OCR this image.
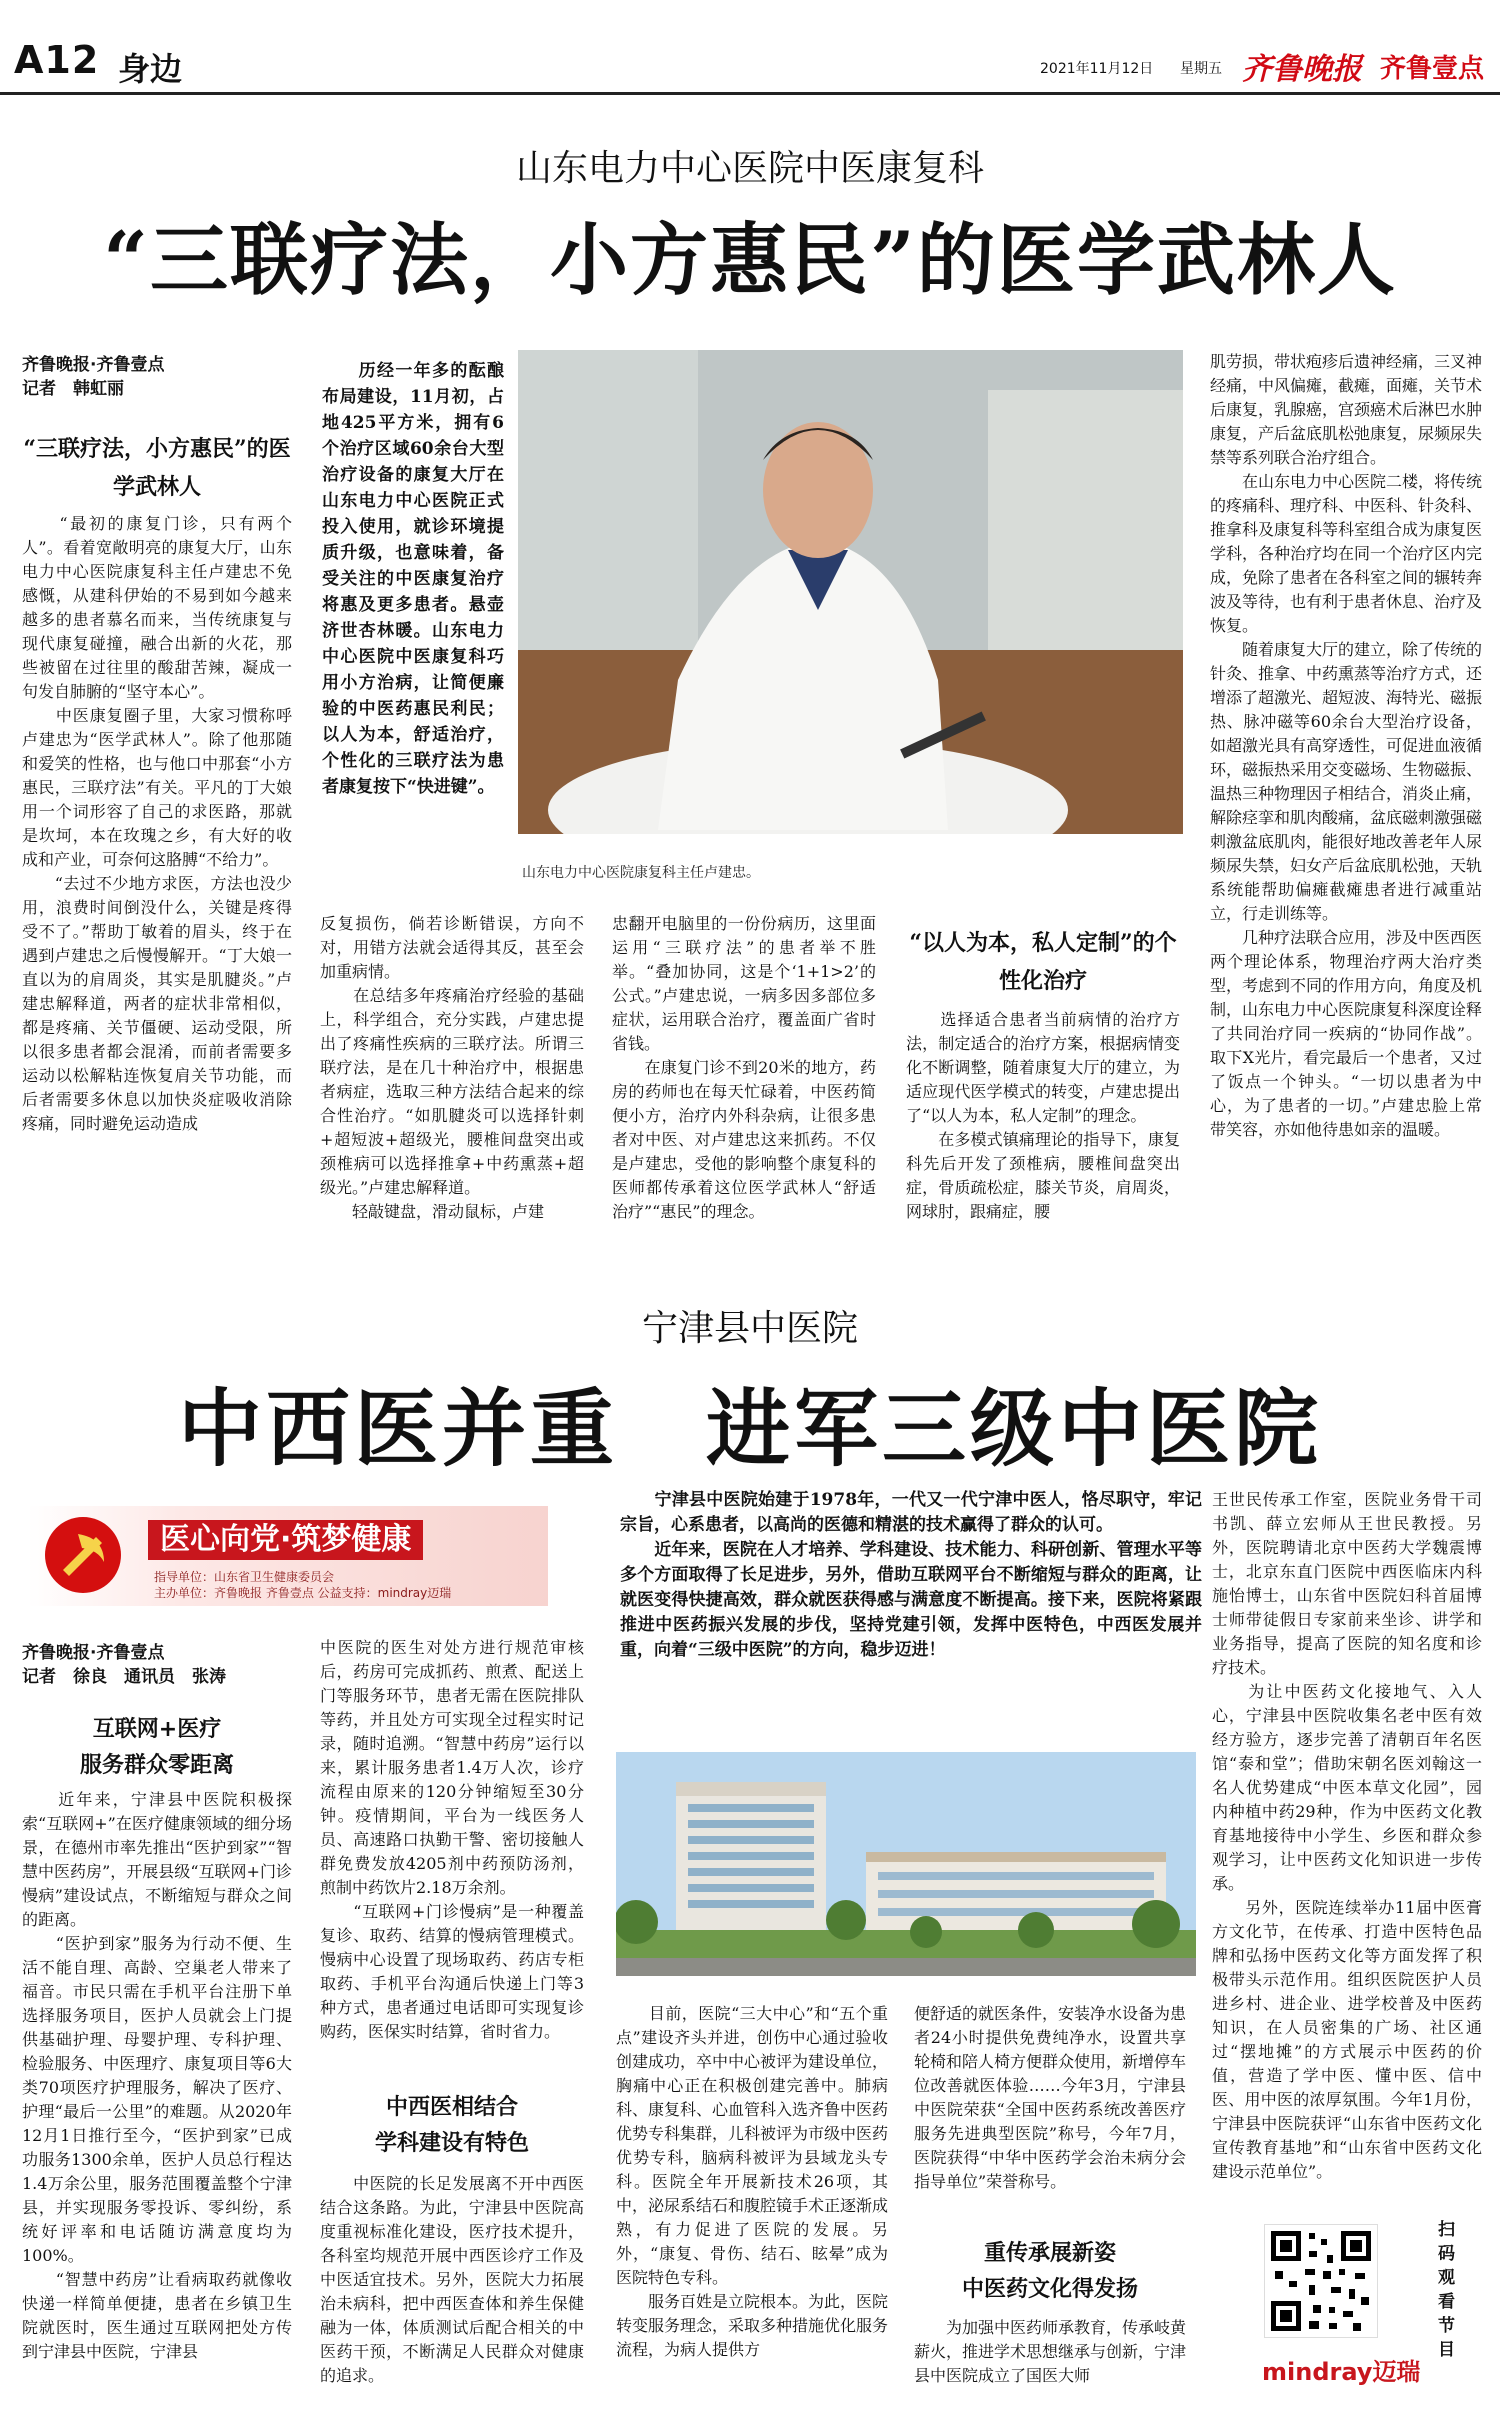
A12 身边	2021年11月12日 星期五 齐鲁晚报 齐鲁壹点
山东电力中心医院中医康复科
“三联疗法，小方惠民”的医学武林人
齐鲁晚报·齐鲁壹点
记者　韩虹丽
“三联疗法，小方惠民”的医学武林人
　　“最初的康复门诊，只有两个人”。看着宽敞明亮的康复大厅，山东电力中心医院康复科主任卢建忠不免感慨，从建科伊始的不易到如今越来越多的患者慕名而来，当传统康复与现代康复碰撞，融合出新的火花，那些被留在过往里的酸甜苦辣，凝成一句发自肺腑的“坚守本心”。
　　中医康复圈子里，大家习惯称呼卢建忠为“医学武林人”。除了他那随和爱笑的性格，也与他口中那套“小方惠民，三联疗法”有关。平凡的丁大娘用一个词形容了自己的求医路，那就是坎坷，本在玫瑰之乡，有大好的收成和产业，可奈何这胳膊“不给力”。
　　“去过不少地方求医，方法也没少用，浪费时间倒没什么，关键是疼得受不了。”帮助丁敏着的眉头，终于在遇到卢建忠之后慢慢解开。“丁大娘一直以为的肩周炎，其实是肌腱炎。”卢建忠解释道，两者的症状非常相似，都是疼痛、关节僵硬、运动受限，所以很多患者都会混淆，而前者需要多运动以松解粘连恢复肩关节功能，而后者需要多休息以加快炎症吸收消除疼痛，同时避免运动造成
　　历经一年多的酝酿布局建设，11月初，占地425平方米，拥有6个治疗区域60余台大型治疗设备的康复大厅在山东电力中心医院正式投入使用，就诊环境提质升级，也意味着，备受关注的中医康复治疗将惠及更多患者。悬壶济世杏林暖。山东电力中心医院中医康复科巧用小方治病，让简便廉验的中医药惠民利民；以人为本，舒适治疗，个性化的三联疗法为患者康复按下“快进键”。
山东电力中心医院康复科主任卢建忠。
反复损伤，倘若诊断错误，方向不对，用错方法就会适得其反，甚至会加重病情。
　　在总结多年疼痛治疗经验的基础上，科学组合，充分实践，卢建忠提出了疼痛性疾病的三联疗法。所谓三联疗法，是在几十种治疗中，根据患者病症，选取三种方法结合起来的综合性治疗。“如肌腱炎可以选择针刺+超短波+超级光，腰椎间盘突出或颈椎病可以选择推拿+中药熏蒸+超级光。”卢建忠解释道。
　　轻敲键盘，滑动鼠标，卢建
忠翻开电脑里的一份份病历，这里面运用“三联疗法”的患者举不胜举。“叠加协同，这是个‘1+1>2’的公式。”卢建忠说，一病多因多部位多症状，运用联合治疗，覆盖面广省时省钱。
　　在康复门诊不到20米的地方，药房的药师也在每天忙碌着，中医药简便小方，治疗内外科杂病，让很多患者对中医、对卢建忠这来抓药。不仅是卢建忠，受他的影响整个康复科的医师都传承着这位医学武林人“舒适治疗”“惠民”的理念。
“以人为本，私人定制”的个性化治疗
　　选择适合患者当前病情的治疗方法，制定适合的治疗方案，根据病情变化不断调整，随着康复大厅的建立，为适应现代医学模式的转变，卢建忠提出了“以人为本，私人定制”的理念。
　　在多模式镇痛理论的指导下，康复科先后开发了颈椎病，腰椎间盘突出症，骨质疏松症，膝关节炎，肩周炎，网球肘，跟痛症，腰
肌劳损，带状疱疹后遗神经痛，三叉神经痛，中风偏瘫，截瘫，面瘫，关节术后康复，乳腺癌，宫颈癌术后淋巴水肿康复，产后盆底肌松弛康复，尿频尿失禁等系列联合治疗组合。
　　在山东电力中心医院二楼，将传统的疼痛科、理疗科、中医科、针灸科、推拿科及康复科等科室组合成为康复医学科，各种治疗均在同一个治疗区内完成，免除了患者在各科室之间的辗转奔波及等待，也有利于患者休息、治疗及恢复。
　　随着康复大厅的建立，除了传统的针灸、推拿、中药熏蒸等治疗方式，还增添了超激光、超短波、海特光、磁振热、脉冲磁等60余台大型治疗设备，如超激光具有高穿透性，可促进血液循环，磁振热采用交变磁场、生物磁振、温热三种物理因子相结合，消炎止痛，解除痉挛和肌肉酸痛，盆底磁刺激强磁刺激盆底肌肉，能很好地改善老年人尿频尿失禁，妇女产后盆底肌松弛，天轨系统能帮助偏瘫截瘫患者进行减重站立，行走训练等。
　　几种疗法联合应用，涉及中医西医两个理论体系，物理治疗两大治疗类型，考虑到不同的作用方向，角度及机制，山东电力中心医院康复科深度诠释了共同治疗同一疾病的“协同作战”。取下X光片，看完最后一个患者，又过了饭点一个钟头。“一切以患者为中心，为了患者的一切。”卢建忠脸上常带笑容，亦如他待患如亲的温暖。
宁津县中医院
中西医并重　进军三级中医院
医心向党·筑梦健康
指导单位：山东省卫生健康委员会
主办单位：齐鲁晚报 齐鲁壹点 公益支持：mindray迈瑞
　　宁津县中医院始建于1978年，一代又一代宁津中医人，恪尽职守，牢记宗旨，心系患者，以高尚的医德和精湛的技术赢得了群众的认可。
　　近年来，医院在人才培养、学科建设、技术能力、科研创新、管理水平等多个方面取得了长足进步，另外，借助互联网平台不断缩短与群众的距离，让就医变得快捷高效，群众就医获得感与满意度不断提高。接下来，医院将紧跟推进中医药振兴发展的步伐，坚持党建引领，发挥中医特色，中西医发展并重，向着“三级中医院”的方向，稳步迈进！
齐鲁晚报·齐鲁壹点
记者　徐良　通讯员　张涛
互联网+医疗
服务群众零距离
　　近年来，宁津县中医院积极探索“互联网+”在医疗健康领域的细分场景，在德州市率先推出“医护到家”“智慧中医药房”，开展县级“互联网+门诊慢病”建设试点，不断缩短与群众之间的距离。
　　“医护到家”服务为行动不便、生活不能自理、高龄、空巢老人带来了福音。市民只需在手机平台注册下单选择服务项目，医护人员就会上门提供基础护理、母婴护理、专科护理、检验服务、中医理疗、康复项目等6大类70项医疗护理服务，解决了医疗、护理“最后一公里”的难题。从2020年12月1日推行至今，“医护到家”已成功服务1300余单，医护人员总行程达1.4万余公里，服务范围覆盖整个宁津县，并实现服务零投诉、零纠纷，系统好评率和电话随访满意度均为100%。
　　“智慧中药房”让看病取药就像收快递一样简单便捷，患者在乡镇卫生院就医时，医生通过互联网把处方传到宁津县中医院，宁津县
中医院的医生对处方进行规范审核后，药房可完成抓药、煎煮、配送上门等服务环节，患者无需在医院排队等药，并且处方可实现全过程实时记录，随时追溯。“智慧中药房”运行以来，累计服务患者1.4万人次，诊疗流程由原来的120分钟缩短至30分钟。疫情期间，平台为一线医务人员、高速路口执勤干警、密切接触人群免费发放4205剂中药预防汤剂，煎制中药饮片2.18万余剂。
　　“互联网+门诊慢病”是一种覆盖复诊、取药、结算的慢病管理模式。慢病中心设置了现场取药、药店专柜取药、手机平台沟通后快递上门等3种方式，患者通过电话即可实现复诊购药，医保实时结算，省时省力。
中西医相结合
学科建设有特色
　　中医院的长足发展离不开中西医结合这条路。为此，宁津县中医院高度重视标准化建设，医疗技术提升，各科室均规范开展中西医诊疗工作及中医适宜技术。另外，医院大力拓展治未病科，把中西医查体和养生保健融为一体，体质测试后配合相关的中医药干预，不断满足人民群众对健康的追求。
　　目前，医院“三大中心”和“五个重点”建设齐头并进，创伤中心通过验收创建成功，卒中中心被评为建设单位，胸痛中心正在积极创建完善中。肺病科、康复科、心血管科入选齐鲁中医药优势专科集群，儿科被评为市级中医药优势专科，脑病科被评为县域龙头专科。医院全年开展新技术26项，其中，泌尿系结石和腹腔镜手术正逐渐成熟，有力促进了医院的发展。另外，“康复、骨伤、结石、眩晕”成为医院特色专科。
　　服务百姓是立院根本。为此，医院转变服务理念，采取多种措施优化服务流程，为病人提供方
便舒适的就医条件，安装净水设备为患者24小时提供免费纯净水，设置共享轮椅和陪人椅方便群众使用，新增停车位改善就医体验……今年3月，宁津县中医院荣获“全国中医药系统改善医疗服务先进典型医院”称号，今年7月，医院获得“中华中医药学会治未病分会指导单位”荣誉称号。
重传承展新姿
中医药文化得发扬
　　为加强中医药师承教育，传承岐黄薪火，推进学术思想继承与创新，宁津县中医院成立了国医大师
王世民传承工作室，医院业务骨干司书凯、薛立宏师从王世民教授。另外，医院聘请北京中医药大学魏震博士，北京东直门医院中西医临床内科施怡博士，山东省中医院妇科首届博士师带徒假日专家前来坐诊、讲学和业务指导，提高了医院的知名度和诊疗技术。
　　为让中医药文化接地气、入人心，宁津县中医院收集名老中医有效经方验方，逐步完善了清朝百年名医馆“泰和堂”；借助宋朝名医刘翰这一名人优势建成“中医本草文化园”，园内种植中药29种，作为中医药文化教育基地接待中小学生、乡医和群众参观学习，让中医药文化知识进一步传承。
　　另外，医院连续举办11届中医膏方文化节，在传承、打造中医特色品牌和弘扬中医药文化等方面发挥了积极带头示范作用。组织医院医护人员进乡村、进企业、进学校普及中医药知识，在人员密集的广场、社区通过“摆地摊”的方式展示中医药的价值，营造了学中医、懂中医、信中医、用中医的浓厚氛围。今年1月份，宁津县中医院获评“山东省中医药文化宣传教育基地”和“山东省中医药文化建设示范单位”。
扫码观看节目
mindray迈瑞
